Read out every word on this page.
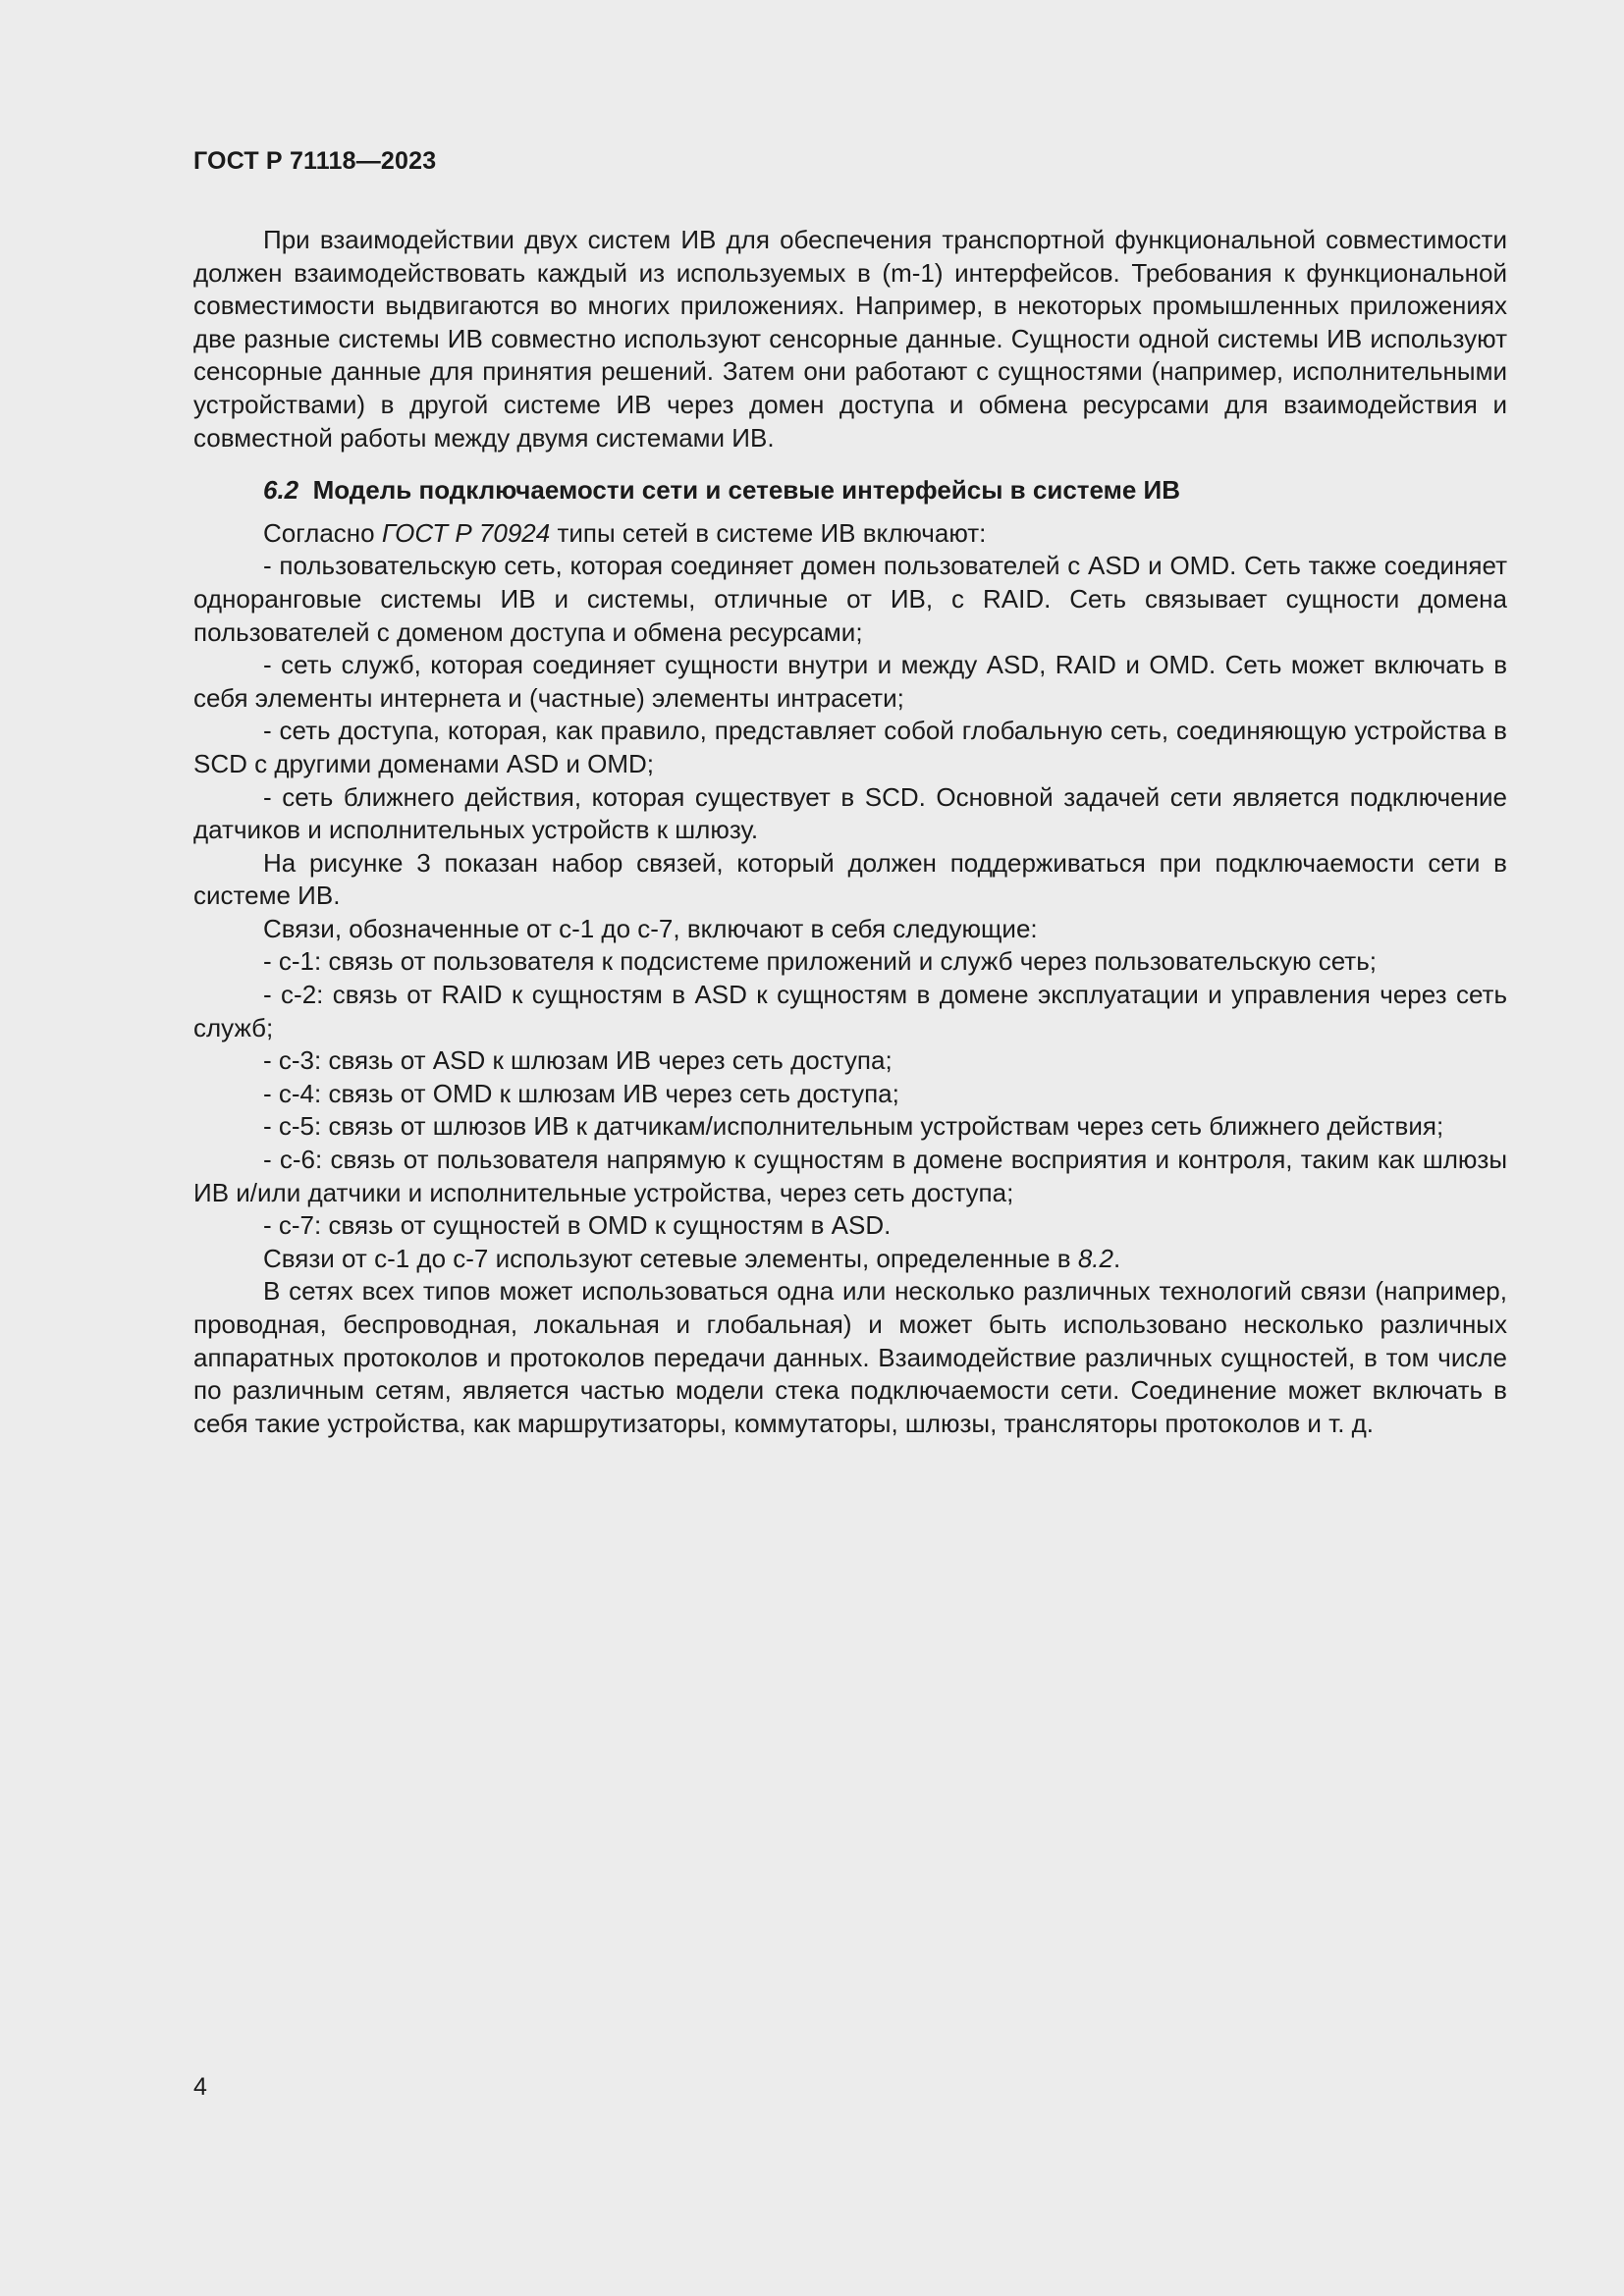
ГОСТ Р 71118—2023

При взаимодействии двух систем ИВ для обеспечения транспортной функциональной совместимости должен взаимодействовать каждый из используемых в (m-1) интерфейсов. Требования к функциональной совместимости выдвигаются во многих приложениях. Например, в некоторых промышленных приложениях две разные системы ИВ совместно используют сенсорные данные. Сущности одной системы ИВ используют сенсорные данные для принятия решений. Затем они работают с сущностями (например, исполнительными устройствами) в другой системе ИВ через домен доступа и обмена ресурсами для взаимодействия и совместной работы между двумя системами ИВ.

6.2 Модель подключаемости сети и сетевые интерфейсы в системе ИВ

Согласно ГОСТ Р 70924 типы сетей в системе ИВ включают:

- пользовательскую сеть, которая соединяет домен пользователей с ASD и OMD. Сеть также соединяет одноранговые системы ИВ и системы, отличные от ИВ, с RAID. Сеть связывает сущности домена пользователей с доменом доступа и обмена ресурсами;

- сеть служб, которая соединяет сущности внутри и между ASD, RAID и OMD. Сеть может включать в себя элементы интернета и (частные) элементы интрасети;

- сеть доступа, которая, как правило, представляет собой глобальную сеть, соединяющую устройства в SCD с другими доменами ASD и OMD;

- сеть ближнего действия, которая существует в SCD. Основной задачей сети является подключение датчиков и исполнительных устройств к шлюзу.

На рисунке 3 показан набор связей, который должен поддерживаться при подключаемости сети в системе ИВ.

Связи, обозначенные от с-1 до с-7, включают в себя следующие:

- с-1: связь от пользователя к подсистеме приложений и служб через пользовательскую сеть;

- с-2: связь от RAID к сущностям в ASD к сущностям в домене эксплуатации и управления через сеть служб;

- с-3: связь от ASD к шлюзам ИВ через сеть доступа;

- с-4: связь от OMD к шлюзам ИВ через сеть доступа;

- с-5: связь от шлюзов ИВ к датчикам/исполнительным устройствам через сеть ближнего действия;

- с-6: связь от пользователя напрямую к сущностям в домене восприятия и контроля, таким как шлюзы ИВ и/или датчики и исполнительные устройства, через сеть доступа;

- с-7: связь от сущностей в OMD к сущностям в ASD.

Связи от с-1 до с-7 используют сетевые элементы, определенные в 8.2.

В сетях всех типов может использоваться одна или несколько различных технологий связи (например, проводная, беспроводная, локальная и глобальная) и может быть использовано несколько различных аппаратных протоколов и протоколов передачи данных. Взаимодействие различных сущностей, в том числе по различным сетям, является частью модели стека подключаемости сети. Соединение может включать в себя такие устройства, как маршрутизаторы, коммутаторы, шлюзы, трансляторы протоколов и т. д.

4
